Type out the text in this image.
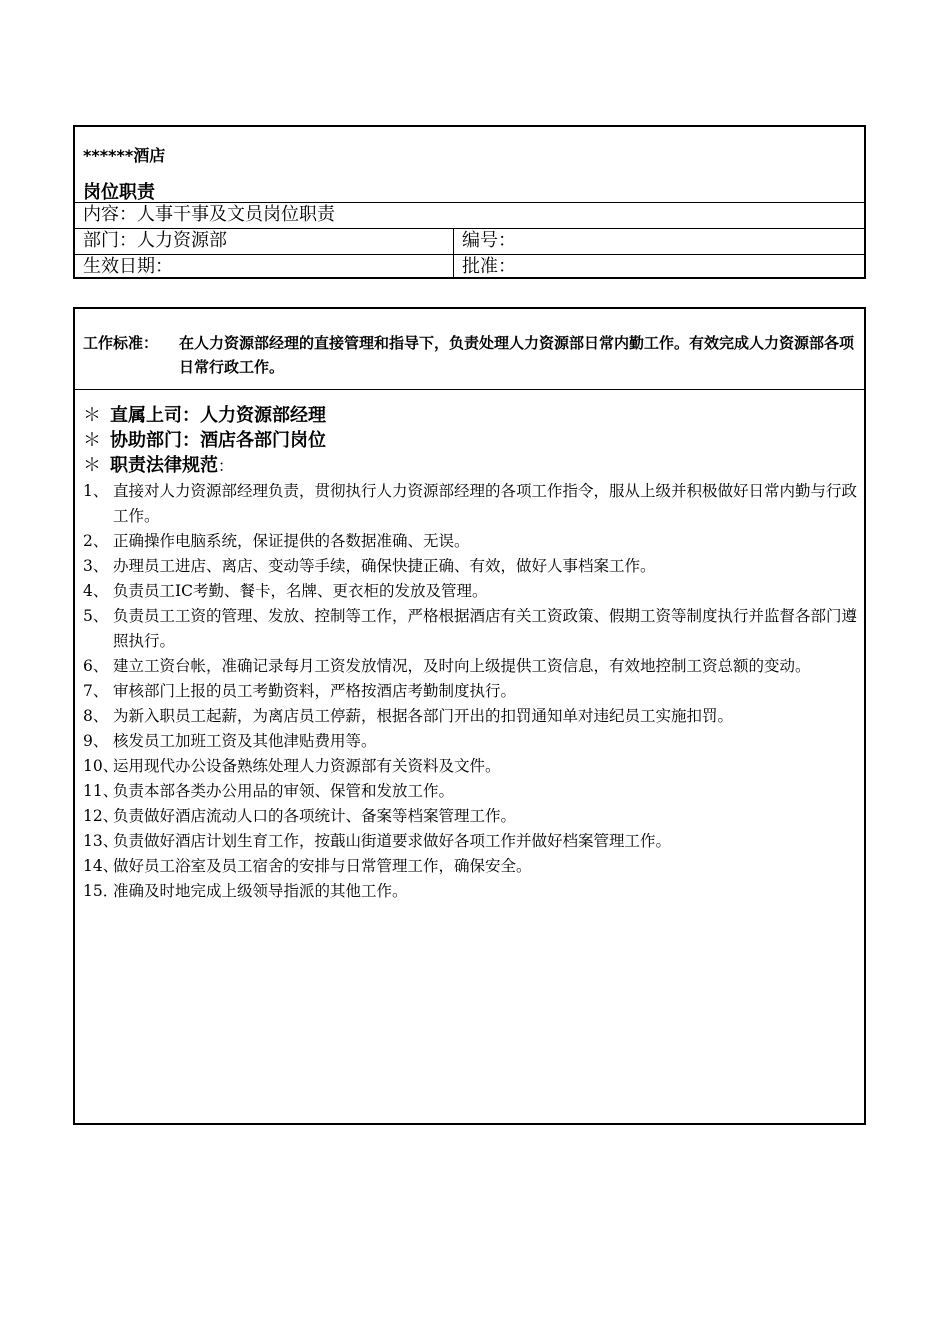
******酒店
岗位职责
内容：人事干事及文员岗位职责
部门：人力资源部	编号：
生效日期：	批准：
工作标准： 在人力资源部经理的直接管理和指导下，负责处理人力资源部日常内勤工作。有效完成人力资源部各项日常行政工作。
＊ 直属上司：人力资源部经理
＊ 协助部门：酒店各部门岗位
＊ 职责法律规范：
1、 直接对人力资源部经理负责，贯彻执行人力资源部经理的各项工作指令，服从上级并积极做好日常内勤与行政工作。
2、 正确操作电脑系统，保证提供的各数据准确、无误。
3、 办理员工进店、离店、变动等手续，确保快捷正确、有效，做好人事档案工作。
4、 负责员工IC考勤、餐卡，名牌、更衣柜的发放及管理。
5、 负责员工工资的管理、发放、控制等工作，严格根据酒店有关工资政策、假期工资等制度执行并监督各部门遵照执行。
6、 建立工资台帐，准确记录每月工资发放情况，及时向上级提供工资信息，有效地控制工资总额的变动。
7、 审核部门上报的员工考勤资料，严格按酒店考勤制度执行。
8、 为新入职员工起薪，为离店员工停薪，根据各部门开出的扣罚通知单对违纪员工实施扣罚。
9、 核发员工加班工资及其他津贴费用等。
10、
运用现代办公设备熟练处理人力资源部有关资料及文件。
11、
负责本部各类办公用品的审领、保管和发放工作。
12、
负责做好酒店流动人口的各项统计、备案等档案管理工作。
13、
负责做好酒店计划生育工作，按蕺山街道要求做好各项工作并做好档案管理工作。
14、
做好员工浴室及员工宿舍的安排与日常管理工作，确保安全。
15．
准确及时地完成上级领导指派的其他工作。
